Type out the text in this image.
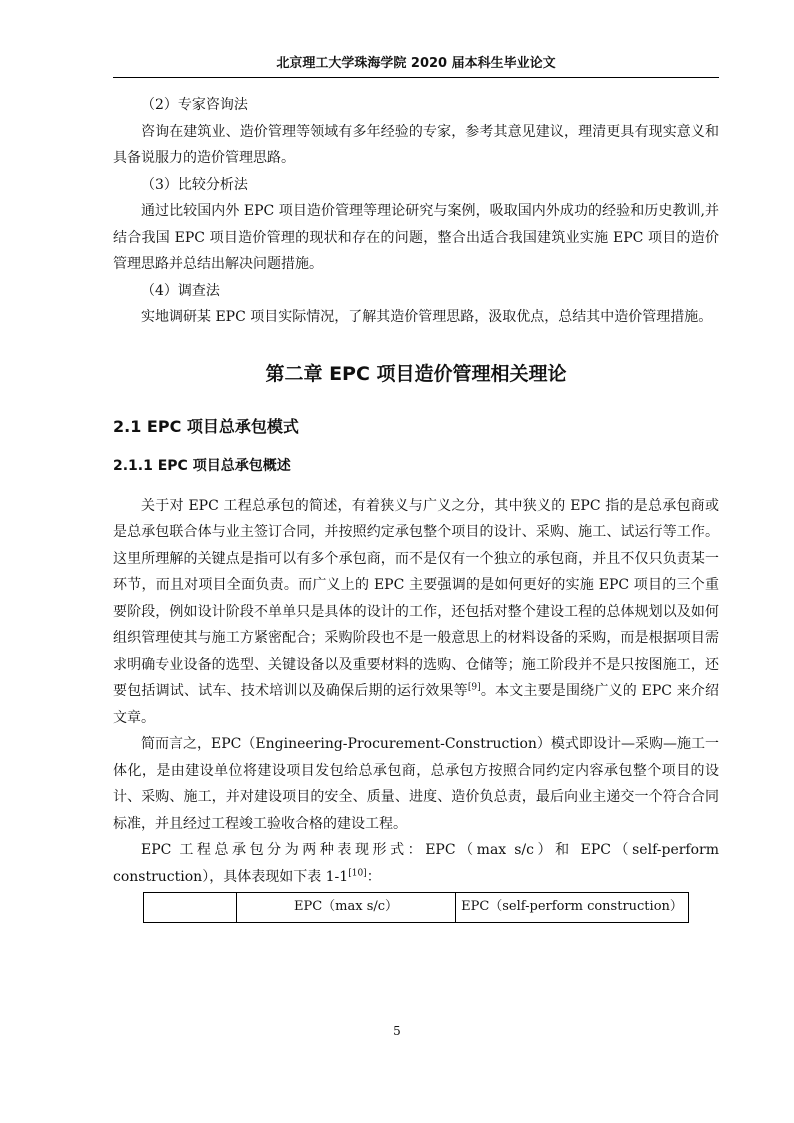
北京理工大学珠海学院 2020 届本科生毕业论文

（2）专家咨询法

咨询在建筑业、造价管理等领域有多年经验的专家，参考其意见建议，理清更具有现实意义和具备说服力的造价管理思路。

（3）比较分析法

通过比较国内外 EPC 项目造价管理等理论研究与案例，吸取国内外成功的经验和历史教训,并结合我国 EPC 项目造价管理的现状和存在的问题，整合出适合我国建筑业实施 EPC 项目的造价管理思路并总结出解决问题措施。

（4）调查法

实地调研某 EPC 项目实际情况，了解其造价管理思路，汲取优点，总结其中造价管理措施。

第二章 EPC 项目造价管理相关理论
2.1 EPC 项目总承包模式
2.1.1 EPC 项目总承包概述

关于对 EPC 工程总承包的简述，有着狭义与广义之分，其中狭义的 EPC 指的是总承包商或是总承包联合体与业主签订合同，并按照约定承包整个项目的设计、采购、施工、试运行等工作。这里所理解的关键点是指可以有多个承包商，而不是仅有一个独立的承包商，并且不仅只负责某一环节，而且对项目全面负责。而广义上的 EPC 主要强调的是如何更好的实施 EPC 项目的三个重要阶段，例如设计阶段不单单只是具体的设计的工作，还包括对整个建设工程的总体规划以及如何组织管理使其与施工方紧密配合；采购阶段也不是一般意思上的材料设备的采购，而是根据项目需求明确专业设备的选型、关键设备以及重要材料的选购、仓储等；施工阶段并不是只按图施工，还要包括调试、试车、技术培训以及确保后期的运行效果等[9]。本文主要是围绕广义的 EPC 来介绍文章。

简而言之，EPC（Engineering-Procurement-Construction）模式即设计—采购—施工一体化，是由建设单位将建设项目发包给总承包商，总承包方按照合同约定内容承包整个项目的设计、采购、施工，并对建设项目的安全、质量、进度、造价负总责，最后向业主递交一个符合合同标准，并且经过工程竣工验收合格的建设工程。

EPC 工程总承包分为两种表现形式：EPC（max s/c）和 EPC（self-perform construction），具体表现如下表 1-1[10]：

	EPC（max s/c）	EPC（self-perform construction）
5
